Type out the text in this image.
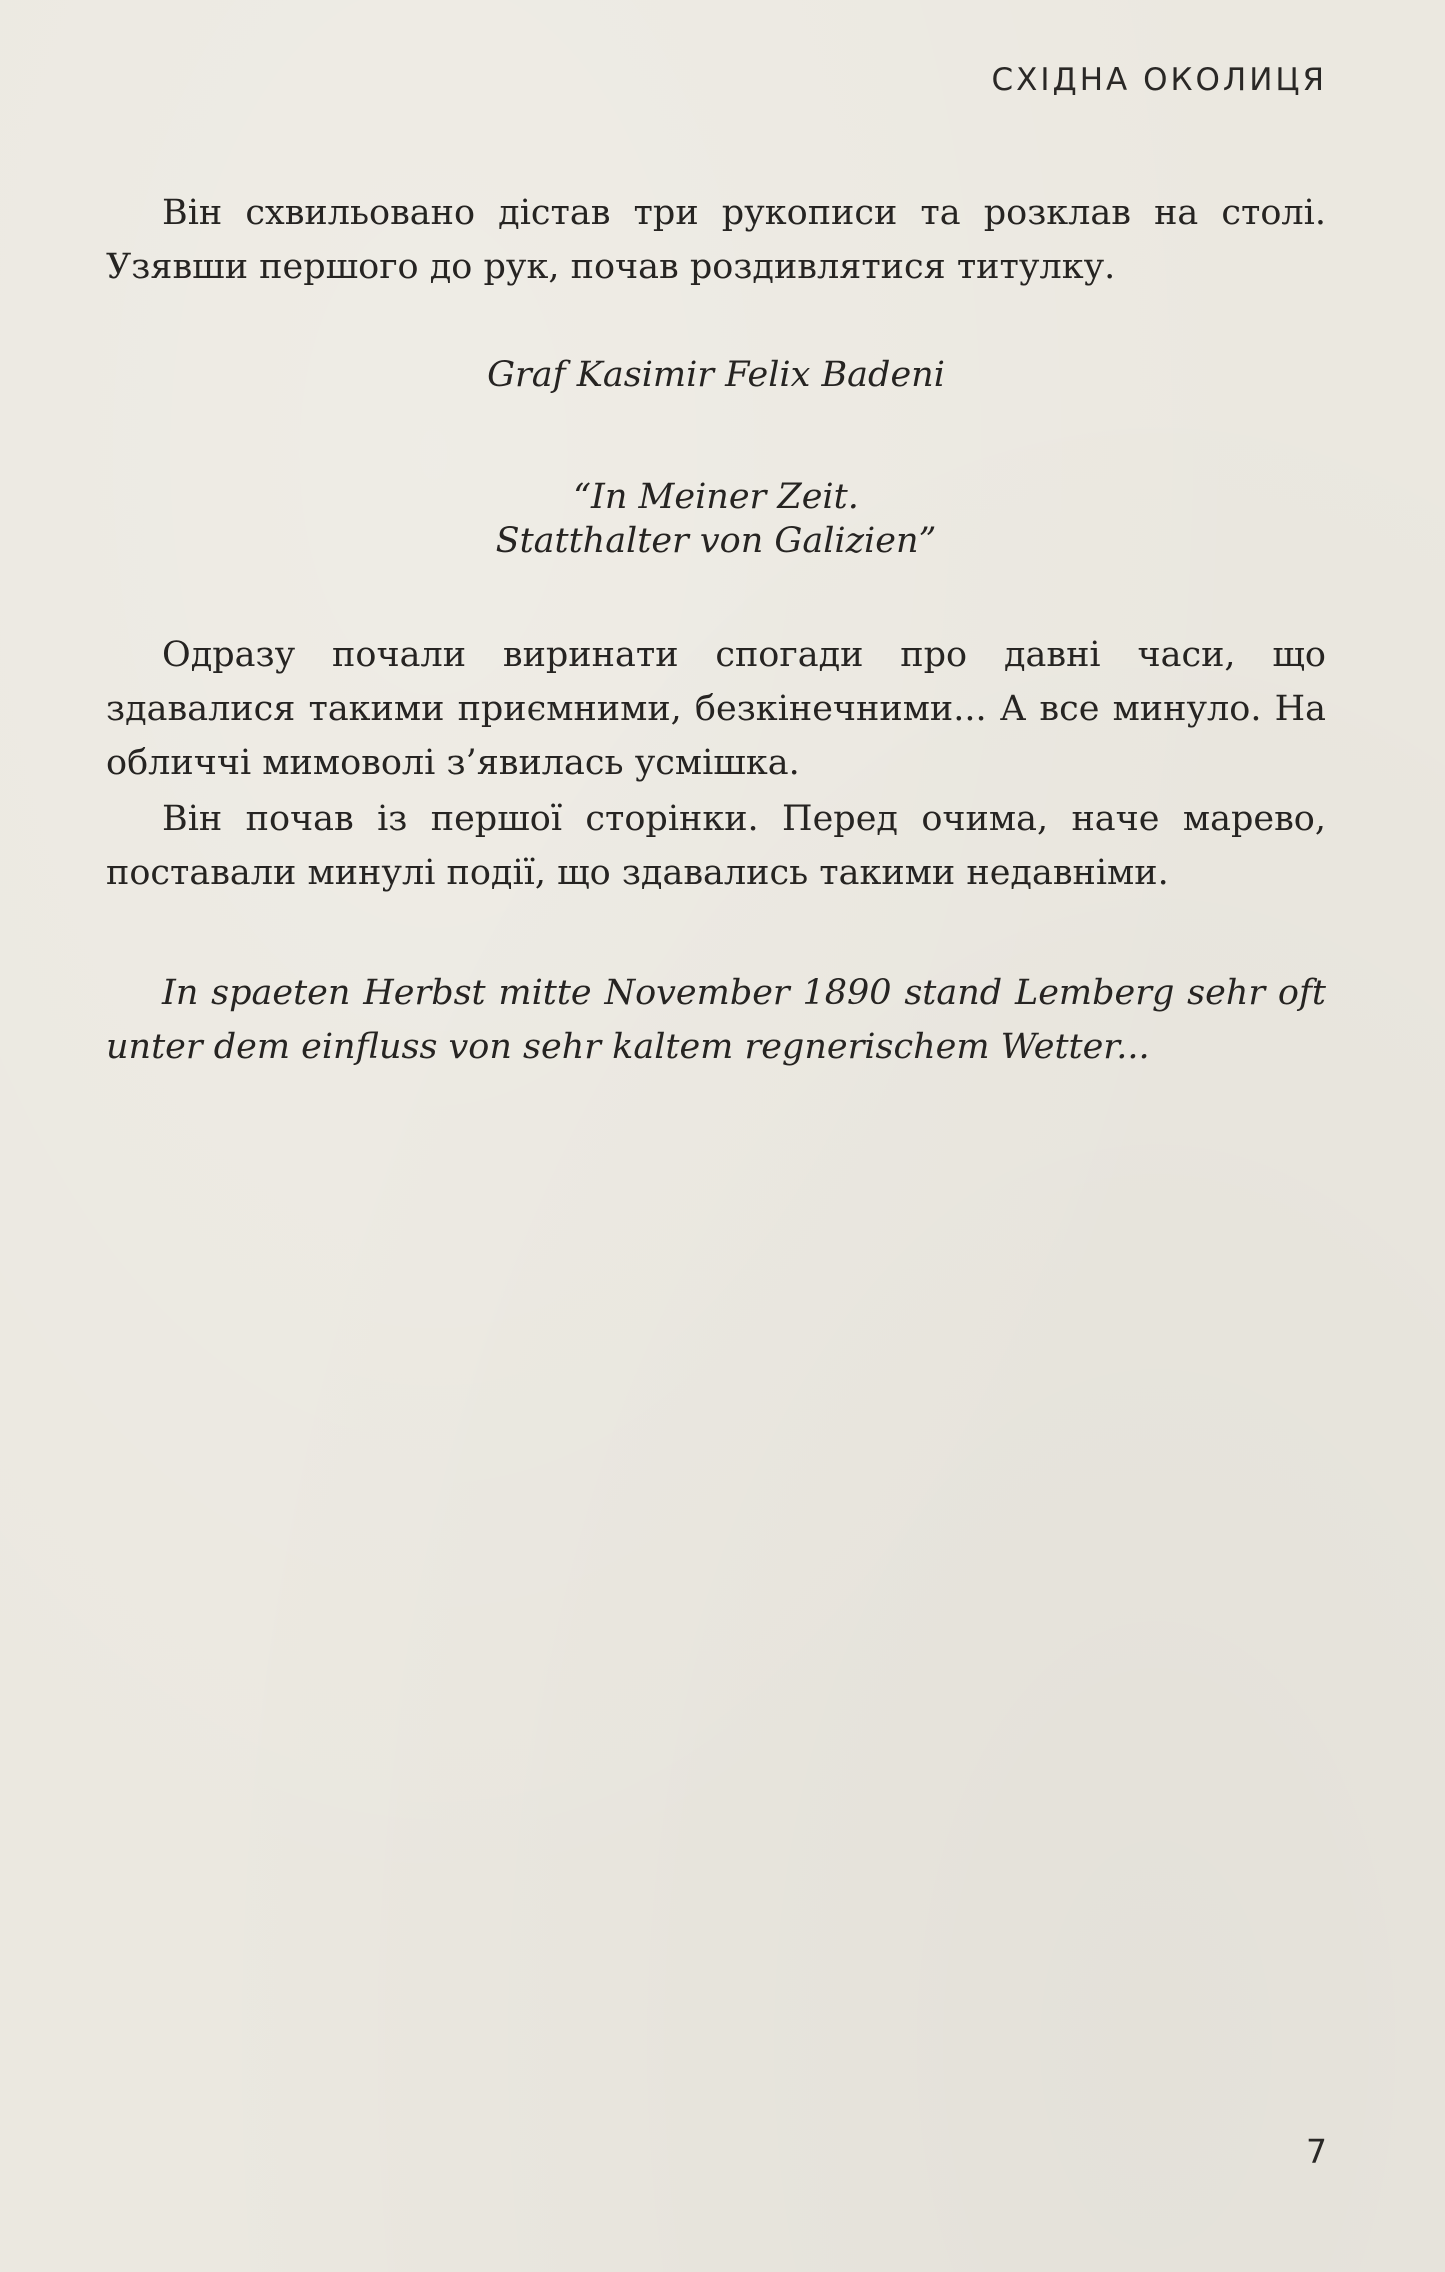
СХІДНА ОКОЛИЦЯ

Він схвильовано дістав три рукописи та розклав на столі. Узявши першого до рук, почав роздивлятися титулку.

Graf Kasimir Felix Badeni

“In Meiner Zeit.

Statthalter von Galizien”

Одразу почали виринати спогади про давні часи, що здавалися такими приємними, безкінечними... А все минуло. На обличчі мимоволі з’явилась усмішка.

Він почав із першої сторінки. Перед очима, наче марево, поставали минулі події, що здавались такими недавніми.

In spaeten Herbst mitte November 1890 stand Lemberg sehr oft unter dem einfluss von sehr kaltem regnerischem Wetter...

7
